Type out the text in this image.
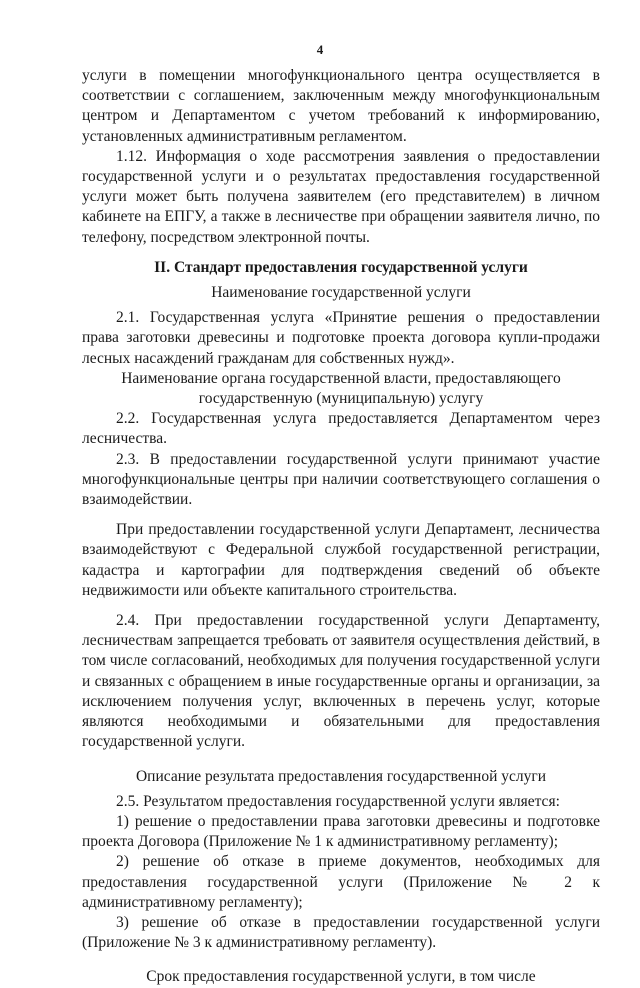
4

услуги в помещении многофункционального центра осуществляется в соответствии с соглашением, заключенным между многофункциональным центром и Департаментом с учетом требований к информированию, установленных административным регламентом.

1.12. Информация о ходе рассмотрения заявления о предоставлении государственной услуги и о результатах предоставления государственной услуги может быть получена заявителем (его представителем) в личном кабинете на ЕПГУ, а также в лесничестве при обращении заявителя лично, по телефону, посредством электронной почты.

II. Стандарт предоставления государственной услуги

Наименование государственной услуги

2.1. Государственная услуга «Принятие решения о предоставлении права заготовки древесины и подготовке проекта договора купли-продажи лесных насаждений гражданам для собственных нужд».

Наименование органа государственной власти, предоставляющего государственную (муниципальную) услугу

2.2. Государственная услуга предоставляется Департаментом через лесничества.

2.3. В предоставлении государственной услуги принимают участие многофункциональные центры при наличии соответствующего соглашения о взаимодействии.

При предоставлении государственной услуги Департамент, лесничества взаимодействуют с Федеральной службой государственной регистрации, кадастра и картографии для подтверждения сведений об объекте недвижимости или объекте капитального строительства.

2.4. При предоставлении государственной услуги Департаменту, лесничествам запрещается требовать от заявителя осуществления действий, в том числе согласований, необходимых для получения государственной услуги и связанных с обращением в иные государственные органы и организации, за исключением получения услуг, включенных в перечень услуг, которые являются необходимыми и обязательными для предоставления государственной услуги.

Описание результата предоставления государственной услуги

2.5. Результатом предоставления государственной услуги является:

1) решение о предоставлении права заготовки древесины и подготовке проекта Договора (Приложение № 1 к административному регламенту);

2) решение об отказе в приеме документов, необходимых для предоставления государственной услуги (Приложение № 2 к административному регламенту);

3) решение об отказе в предоставлении государственной услуги (Приложение № 3 к административному регламенту).

Срок предоставления государственной услуги, в том числе
